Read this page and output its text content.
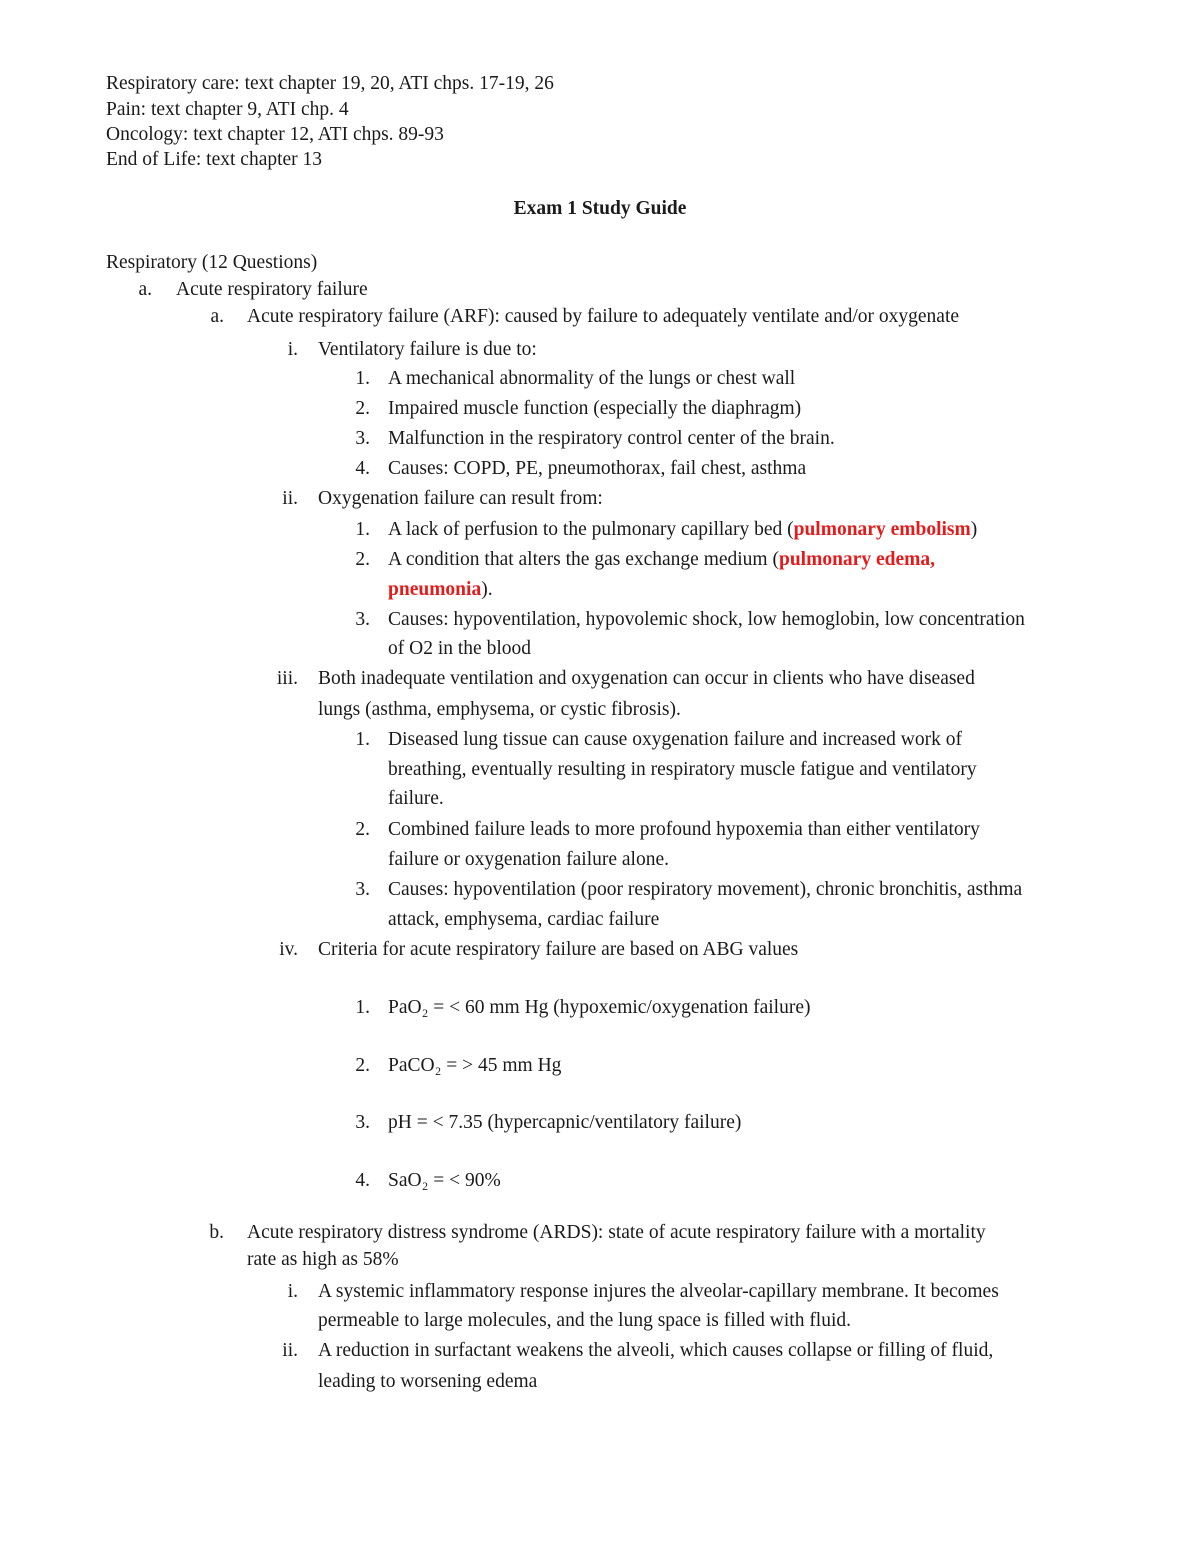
Respiratory care: text chapter 19, 20, ATI chps. 17-19, 26
Pain: text chapter 9, ATI chp. 4
Oncology: text chapter 12, ATI chps. 89-93
End of Life: text chapter 13
Exam 1 Study Guide
Respiratory (12 Questions)
a. Acute respiratory failure
a. Acute respiratory failure (ARF): caused by failure to adequately ventilate and/or oxygenate
i. Ventilatory failure is due to:
1. A mechanical abnormality of the lungs or chest wall
2. Impaired muscle function (especially the diaphragm)
3. Malfunction in the respiratory control center of the brain.
4. Causes: COPD, PE, pneumothorax, fail chest, asthma
ii. Oxygenation failure can result from:
1. A lack of perfusion to the pulmonary capillary bed (pulmonary embolism)
2. A condition that alters the gas exchange medium (pulmonary edema,
pneumonia).
3. Causes: hypoventilation, hypovolemic shock, low hemoglobin, low concentration
of O2 in the blood
iii. Both inadequate ventilation and oxygenation can occur in clients who have diseased
lungs (asthma, emphysema, or cystic fibrosis).
1. Diseased lung tissue can cause oxygenation failure and increased work of
breathing, eventually resulting in respiratory muscle fatigue and ventilatory
failure.
2. Combined failure leads to more profound hypoxemia than either ventilatory
failure or oxygenation failure alone.
3. Causes: hypoventilation (poor respiratory movement), chronic bronchitis, asthma
attack, emphysema, cardiac failure
iv. Criteria for acute respiratory failure are based on ABG values
1. PaO₂ = < 60 mm Hg (hypoxemic/oxygenation failure)
2. PaCO₂ = > 45 mm Hg
3. pH = < 7.35 (hypercapnic/ventilatory failure)
4. SaO₂ = < 90%
b. Acute respiratory distress syndrome (ARDS): state of acute respiratory failure with a mortality
rate as high as 58%
i. A systemic inflammatory response injures the alveolar-capillary membrane. It becomes
permeable to large molecules, and the lung space is filled with fluid.
ii. A reduction in surfactant weakens the alveoli, which causes collapse or filling of fluid,
leading to worsening edema
